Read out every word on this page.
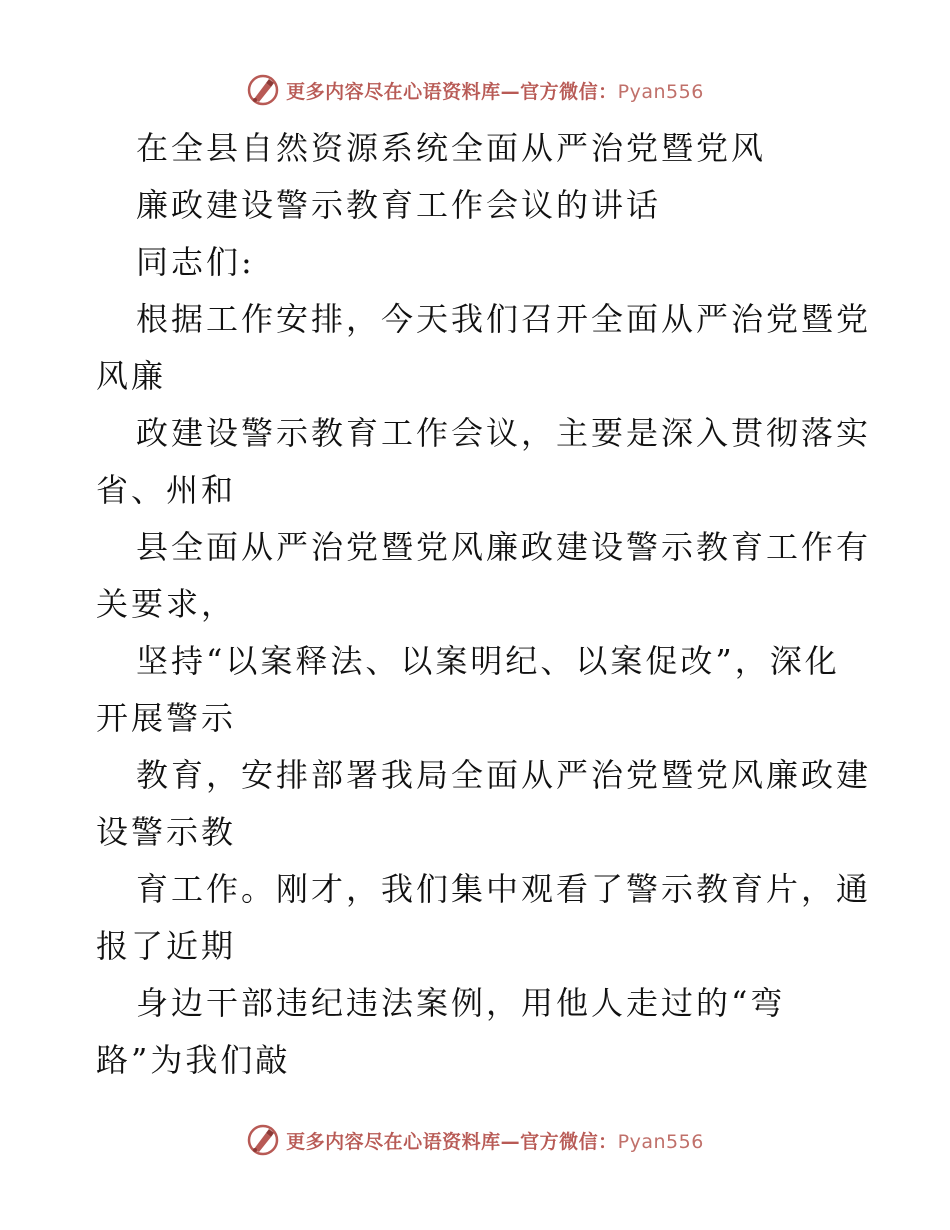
更多内容尽在心语资料库—官方微信：Pyan556
在全县自然资源系统全面从严治党暨党风
廉政建设警示教育工作会议的讲话
同志们:
根据工作安排，今天我们召开全面从严治党暨党
风廉
政建设警示教育工作会议，主要是深入贯彻落实
省、州和
县全面从严治党暨党风廉政建设警示教育工作有
关要求，
坚持“以案释法、以案明纪、以案促改”，深化
开展警示
教育，安排部署我局全面从严治党暨党风廉政建
设警示教
育工作。刚才，我们集中观看了警示教育片，通
报了近期
身边干部违纪违法案例，用他人走过的“弯
路”为我们敲
更多内容尽在心语资料库—官方微信：Pyan556
